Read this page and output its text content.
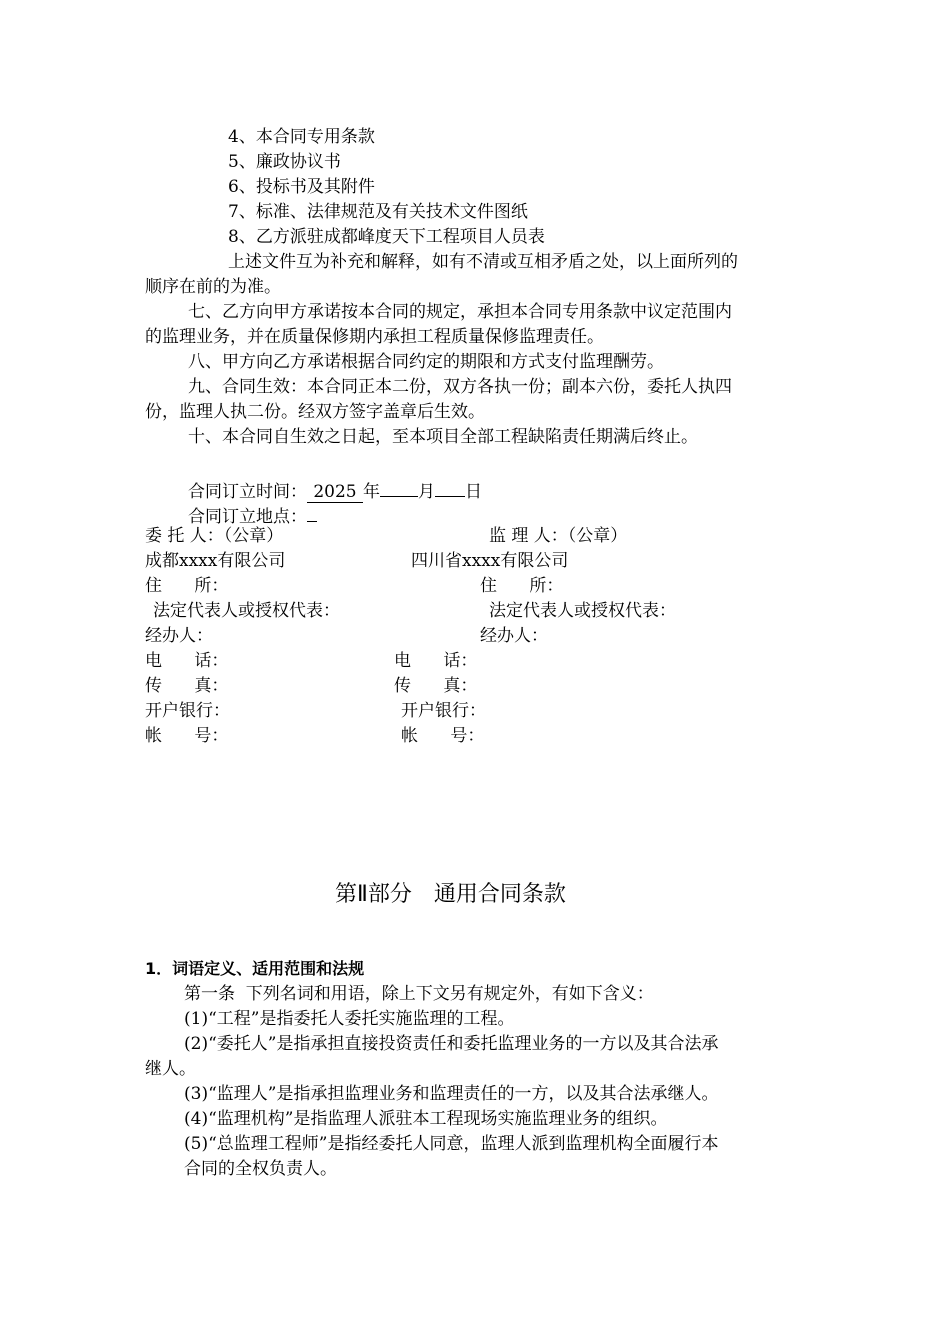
4、本合同专用条款
5、廉政协议书
6、投标书及其附件
7、标准、法律规范及有关技术文件图纸
8、乙方派驻成都峰度天下工程项目人员表
上述文件互为补充和解释，如有不清或互相矛盾之处，以上面所列的
顺序在前的为准。
七、乙方向甲方承诺按本合同的规定，承担本合同专用条款中议定范围内
的监理业务，并在质量保修期内承担工程质量保修监理责任。
八、甲方向乙方承诺根据合同约定的期限和方式支付监理酬劳。
九、合同生效：本合同正本二份，双方各执一份；副本六份，委托人执四
份，监理人执二份。经双方签字盖章后生效。
十、本合同自生效之日起，至本项目全部工程缺陷责任期满后终止。
合同订立时间： 2025 年 月 日
合同订立地点：
委 托 人：（公章）
成都xxxx有限公司
住      所：
法定代表人或授权代表：
经办人：
电      话：
传      真：
开户银行：
帐      号：
监 理 人：（公章）
四川省xxxx有限公司
住      所：
法定代表人或授权代表：
经办人：
电      话：
传      真：
开户银行：
帐      号：
第Ⅱ部分　通用合同条款
1．词语定义、适用范围和法规
第一条  下列名词和用语，除上下文另有规定外，有如下含义：
(1)“工程”是指委托人委托实施监理的工程。
(2)“委托人”是指承担直接投资责任和委托监理业务的一方以及其合法承
继人。
(3)“监理人”是指承担监理业务和监理责任的一方，以及其合法承继人。
(4)“监理机构”是指监理人派驻本工程现场实施监理业务的组织。
(5)“总监理工程师”是指经委托人同意，监理人派到监理机构全面履行本
合同的全权负责人。
